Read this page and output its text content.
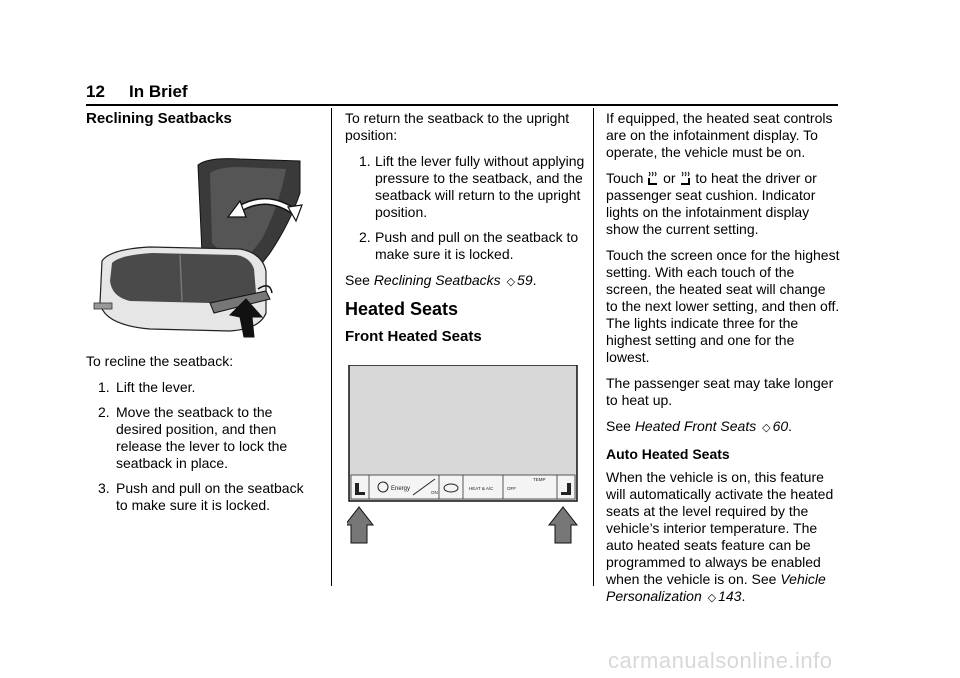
12 In Brief
Reclining Seatbacks

To recline the seatback:

1. Lift the lever.
2. Move the seatback to the desired position, and then release the lever to lock the seatback in place.
3. Push and pull on the seatback to make sure it is locked.

To return the seatback to the upright position:

1. Lift the lever fully without applying pressure to the seatback, and the seatback will return to the upright position.
2. Push and pull on the seatback to make sure it is locked.

See Reclining Seatbacks ◇ 59.

Heated Seats
Front Heated Seats
Energy
ON
HEAT & A/C	OFF
TEMP

If equipped, the heated seat controls are on the infotainment display. To operate, the vehicle must be on.

Touch or to heat the driver or passenger seat cushion. Indicator lights on the infotainment display show the current setting.

Touch the screen once for the highest setting. With each touch of the screen, the heated seat will change to the next lower setting, and then off. The lights indicate three for the highest setting and one for the lowest.

The passenger seat may take longer to heat up.

See Heated Front Seats ◇ 60.

Auto Heated Seats

When the vehicle is on, this feature will automatically activate the heated seats at the level required by the vehicle’s interior temperature. The auto heated seats feature can be programmed to always be enabled when the vehicle is on. See Vehicle Personalization ◇ 143.

carmanualsonline.info
